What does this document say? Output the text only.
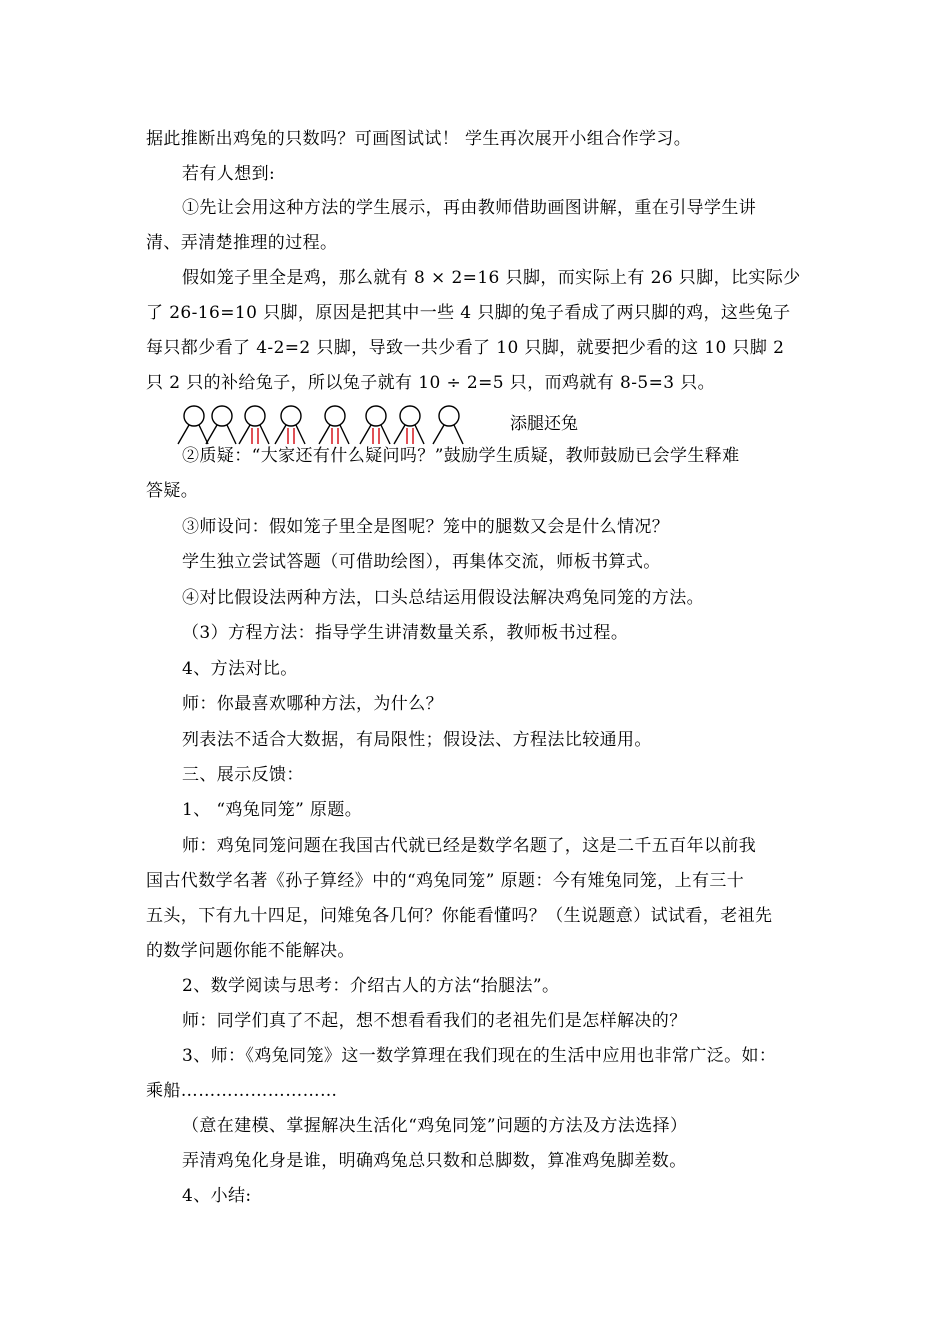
据此推断出鸡兔的只数吗？可画图试试！ 学生再次展开小组合作学习。
若有人想到:
①先让会用这种方法的学生展示，再由教师借助画图讲解，重在引导学生讲
清、弄清楚推理的过程。
假如笼子里全是鸡，那么就有 8 × 2=16 只脚，而实际上有 26 只脚，比实际少
了 26-16=10 只脚，原因是把其中一些 4 只脚的兔子看成了两只脚的鸡，这些兔子
每只都少看了 4-2=2 只脚，导致一共少看了 10 只脚，就要把少看的这 10 只脚 2
只 2 只的补给兔子，所以兔子就有 10 ÷ 2=5 只，而鸡就有 8-5=3 只。
添腿还兔
②质疑：“大家还有什么疑问吗？”鼓励学生质疑，教师鼓励已会学生释难
答疑。
③师设问：假如笼子里全是图呢？笼中的腿数又会是什么情况？
学生独立尝试答题（可借助绘图），再集体交流，师板书算式。
④对比假设法两种方法，口头总结运用假设法解决鸡兔同笼的方法。
（3）方程方法：指导学生讲清数量关系，教师板书过程。
4、方法对比。
师：你最喜欢哪种方法，为什么？
列表法不适合大数据，有局限性；假设法、方程法比较通用。
三、展示反馈：
1、 “鸡兔同笼” 原题。
师：鸡兔同笼问题在我国古代就已经是数学名题了，这是二千五百年以前我
国古代数学名著《孙子算经》中的“鸡兔同笼” 原题：今有雉兔同笼，上有三十
五头，下有九十四足，问雉兔各几何？你能看懂吗？（生说题意）试试看，老祖先
的数学问题你能不能解决。
2、数学阅读与思考：介绍古人的方法“抬腿法”。
师：同学们真了不起，想不想看看我们的老祖先们是怎样解决的？
3、师：《鸡兔同笼》这一数学算理在我们现在的生活中应用也非常广泛。如：
乘船………………………
（意在建模、掌握解决生活化“鸡兔同笼”问题的方法及方法选择）
弄清鸡兔化身是谁，明确鸡兔总只数和总脚数，算准鸡兔脚差数。
4、小结:
